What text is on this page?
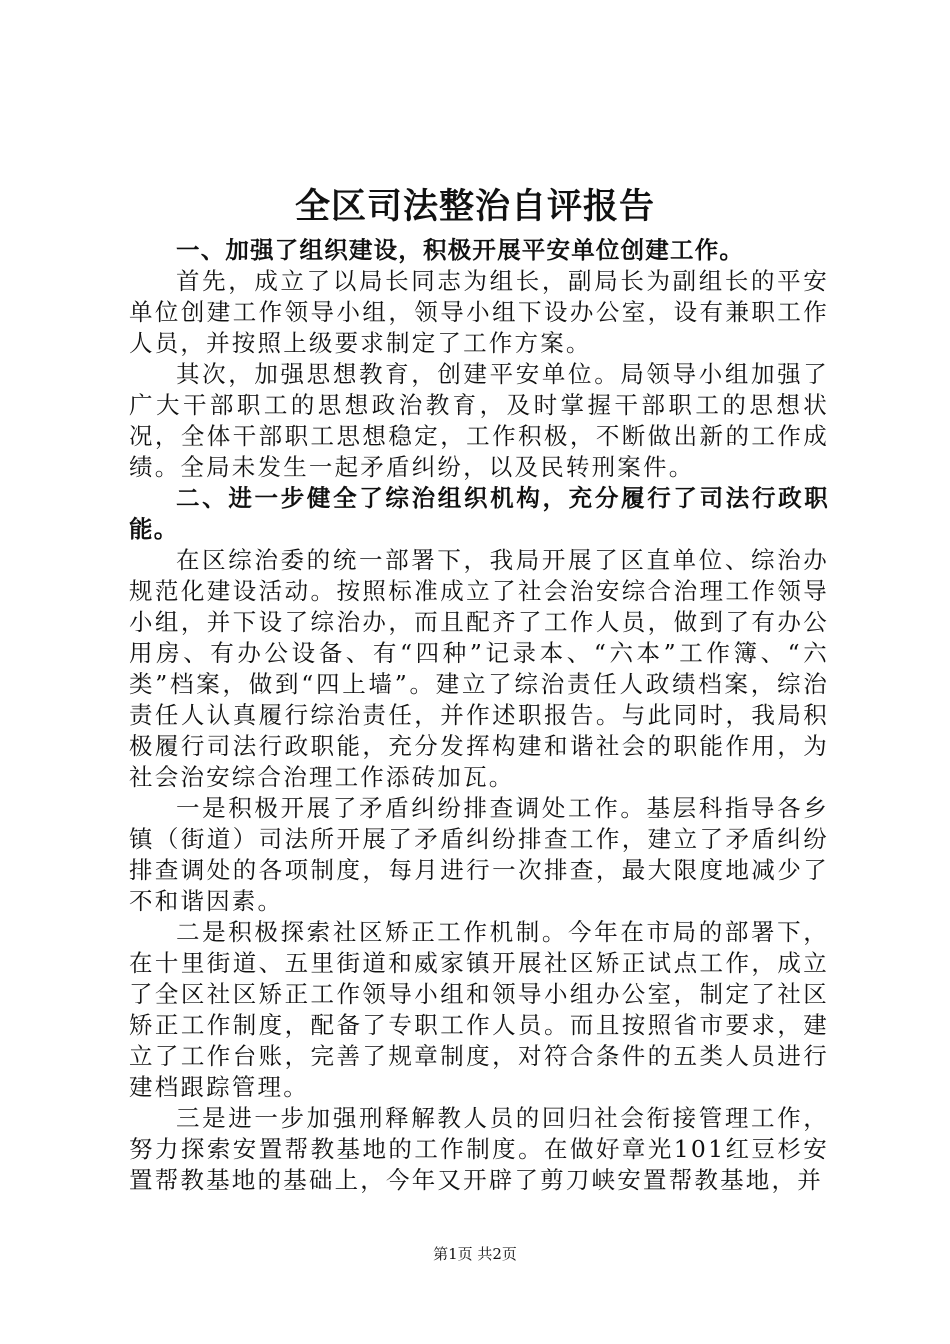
全区司法整治自评报告

一、加强了组织建设，积极开展平安单位创建工作。

首先，成立了以局长同志为组长，副局长为副组长的平安单位创建工作领导小组，领导小组下设办公室，设有兼职工作人员，并按照上级要求制定了工作方案。

其次，加强思想教育，创建平安单位。局领导小组加强了广大干部职工的思想政治教育，及时掌握干部职工的思想状况，全体干部职工思想稳定，工作积极，不断做出新的工作成绩。全局未发生一起矛盾纠纷，以及民转刑案件。

二、进一步健全了综治组织机构，充分履行了司法行政职能。

在区综治委的统一部署下，我局开展了区直单位、综治办规范化建设活动。按照标准成立了社会治安综合治理工作领导小组，并下设了综治办，而且配齐了工作人员，做到了有办公用房、有办公设备、有“四种”记录本、“六本”工作簿、“六类”档案，做到“四上墙”。建立了综治责任人政绩档案，综治责任人认真履行综治责任，并作述职报告。与此同时，我局积极履行司法行政职能，充分发挥构建和谐社会的职能作用，为社会治安综合治理工作添砖加瓦。

一是积极开展了矛盾纠纷排查调处工作。基层科指导各乡镇（街道）司法所开展了矛盾纠纷排查工作，建立了矛盾纠纷排查调处的各项制度，每月进行一次排查，最大限度地减少了不和谐因素。

二是积极探索社区矫正工作机制。今年在市局的部署下，在十里街道、五里街道和威家镇开展社区矫正试点工作，成立了全区社区矫正工作领导小组和领导小组办公室，制定了社区矫正工作制度，配备了专职工作人员。而且按照省市要求，建立了工作台账，完善了规章制度，对符合条件的五类人员进行建档跟踪管理。

三是进一步加强刑释解教人员的回归社会衔接管理工作，努力探索安置帮教基地的工作制度。在做好章光101红豆杉安置帮教基地的基础上，今年又开辟了剪刀峡安置帮教基地，并

第1页 共2页
